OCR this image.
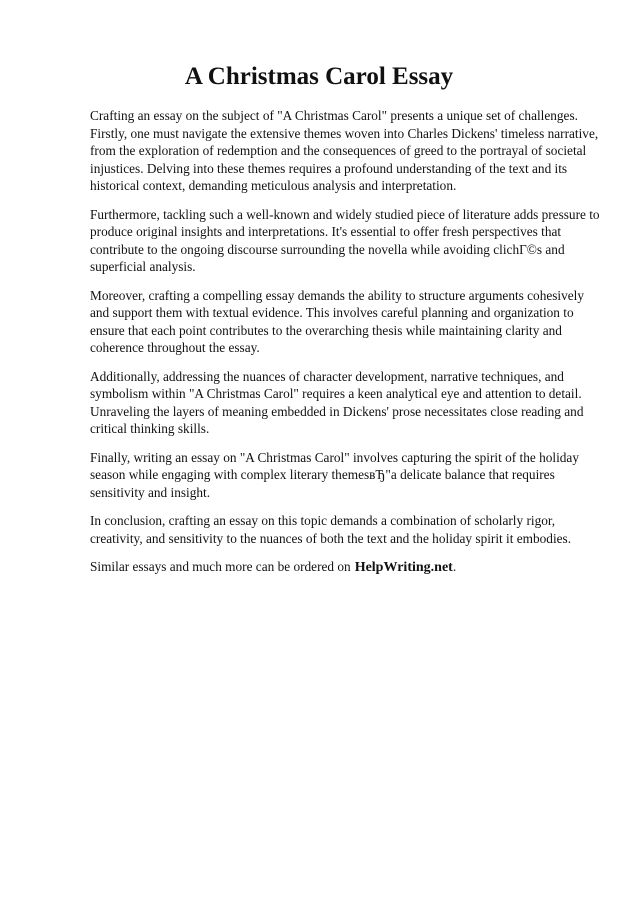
A Christmas Carol Essay

Crafting an essay on the subject of "A Christmas Carol" presents a unique set of challenges. Firstly, one must navigate the extensive themes woven into Charles Dickens' timeless narrative, from the exploration of redemption and the consequences of greed to the portrayal of societal injustices. Delving into these themes requires a profound understanding of the text and its historical context, demanding meticulous analysis and interpretation.

Furthermore, tackling such a well-known and widely studied piece of literature adds pressure to produce original insights and interpretations. It's essential to offer fresh perspectives that contribute to the ongoing discourse surrounding the novella while avoiding clichГ©s and superficial analysis.

Moreover, crafting a compelling essay demands the ability to structure arguments cohesively and support them with textual evidence. This involves careful planning and organization to ensure that each point contributes to the overarching thesis while maintaining clarity and coherence throughout the essay.

Additionally, addressing the nuances of character development, narrative techniques, and symbolism within "A Christmas Carol" requires a keen analytical eye and attention to detail. Unraveling the layers of meaning embedded in Dickens' prose necessitates close reading and critical thinking skills.

Finally, writing an essay on "A Christmas Carol" involves capturing the spirit of the holiday season while engaging with complex literary themesвЂ"a delicate balance that requires sensitivity and insight.

In conclusion, crafting an essay on this topic demands a combination of scholarly rigor, creativity, and sensitivity to the nuances of both the text and the holiday spirit it embodies.

Similar essays and much more can be ordered on HelpWriting.net.
